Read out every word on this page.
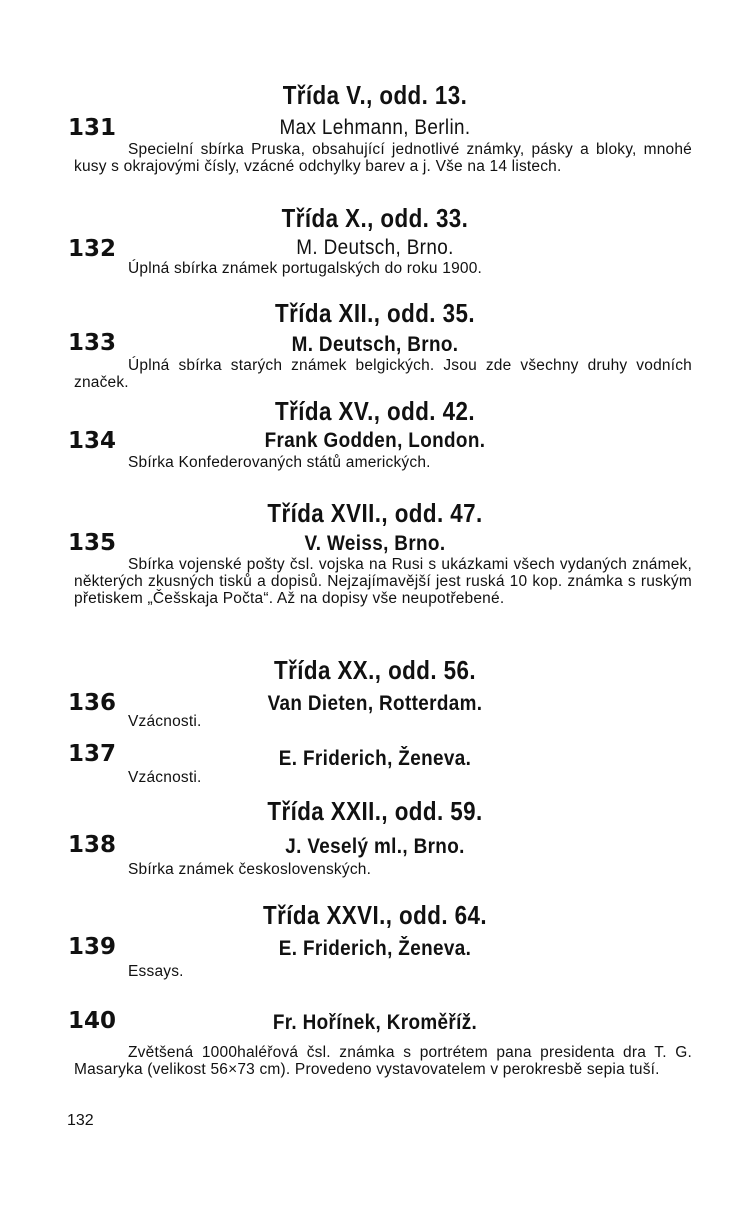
Třída V., odd. 13.
131	Max Lehmann, Berlin.
Specielní sbírka Pruska, obsahující jednotlivé známky, pásky a bloky, mnohé kusy s okrajovými čísly, vzácné odchylky barev a j. Vše na 14 listech.
Třída X., odd. 33.
132	M. Deutsch, Brno.
Úplná sbírka známek portugalských do roku 1900.
Třída XII., odd. 35.
133	M. Deutsch, Brno.
Úplná sbírka starých známek belgických. Jsou zde všechny druhy vodních značek.
Třída XV., odd. 42.
134	Frank Godden, London.
Sbírka Konfederovaných států amerických.
Třída XVII., odd. 47.
135	V. Weiss, Brno.
Sbírka vojenské pošty čsl. vojska na Rusi s ukázkami všech vydaných známek, některých zkusných tisků a dopisů. Nejzajímavější jest ruská 10 kop. známka s ruským přetiskem „Češskaja Počta“. Až na dopisy vše neupotřebené.
Třída XX., odd. 56.
136	Van Dieten, Rotterdam.
Vzácnosti.
137	E. Friderich, Ženeva.
Vzácnosti.
Třída XXII., odd. 59.
138	J. Veselý ml., Brno.
Sbírka známek československých.
Třída XXVI., odd. 64.
139	E. Friderich, Ženeva.
Essays.
140	Fr. Hořínek, Kroměříž.
Zvětšená 1000haléřová čsl. známka s portrétem pana presidenta dra T. G. Masaryka (velikost 56×73 cm). Provedeno vystavovatelem v perokresbě sepia tuší.
132
